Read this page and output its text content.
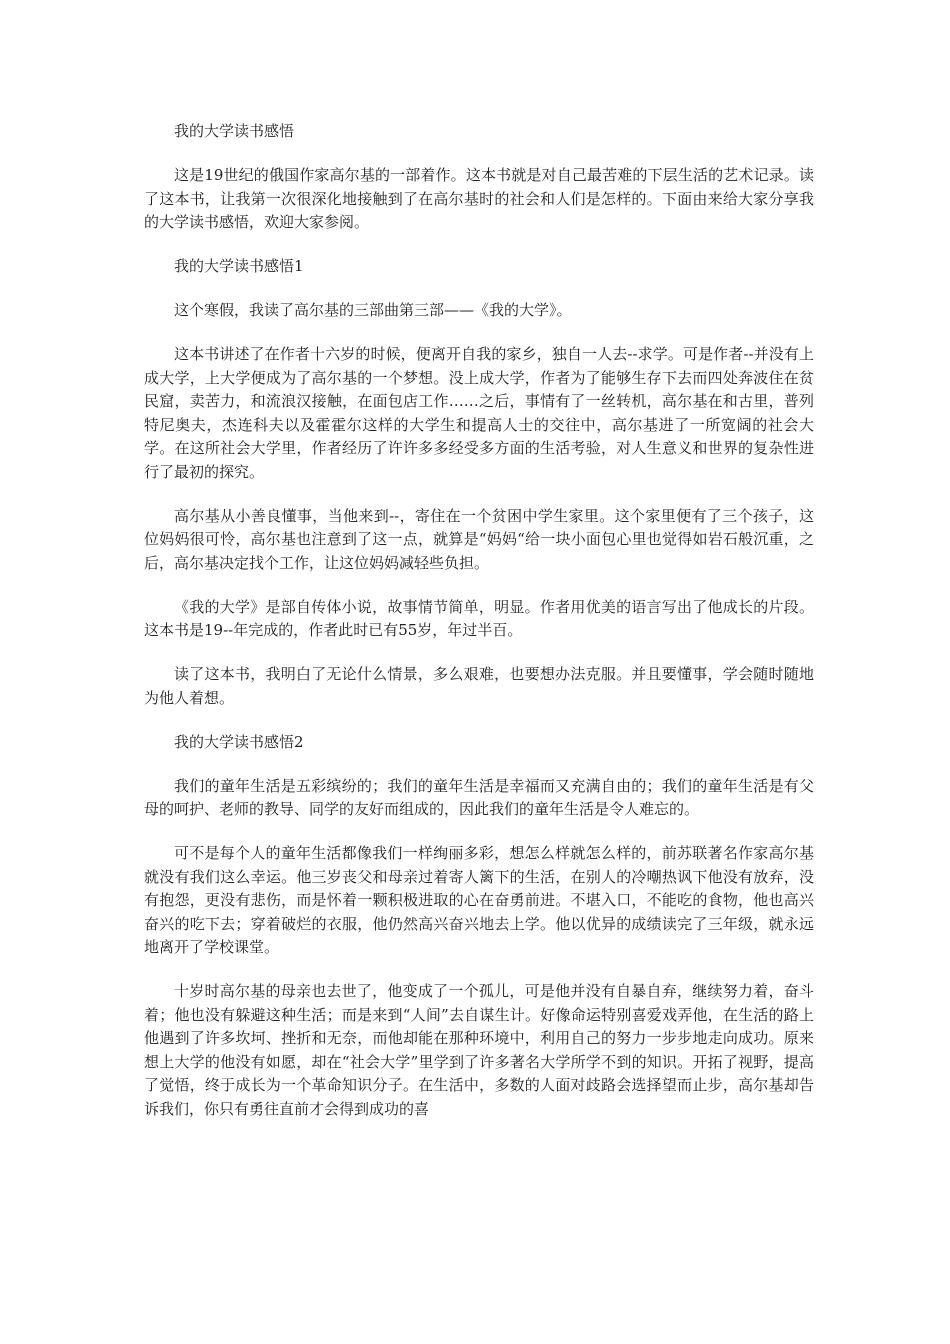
我的大学读书感悟

这是19世纪的俄国作家高尔基的一部着作。这本书就是对自己最苦难的下层生活的艺术记录。读了这本书，让我第一次很深化地接触到了在高尔基时的社会和人们是怎样的。下面由来给大家分享我的大学读书感悟，欢迎大家参阅。

我的大学读书感悟1

这个寒假，我读了高尔基的三部曲第三部——《我的大学》。

这本书讲述了在作者十六岁的时候，便离开自我的家乡，独自一人去--求学。可是作者--并没有上成大学，上大学便成为了高尔基的一个梦想。没上成大学，作者为了能够生存下去而四处奔波住在贫民窟，卖苦力，和流浪汉接触，在面包店工作……之后，事情有了一丝转机，高尔基在和古里，普列特尼奥夫，杰连科夫以及霍霍尔这样的大学生和提高人士的交往中，高尔基进了一所宽阔的社会大学。在这所社会大学里，作者经历了许许多多经受多方面的生活考验，对人生意义和世界的复杂性进行了最初的探究。

高尔基从小善良懂事，当他来到--，寄住在一个贫困中学生家里。这个家里便有了三个孩子，这位妈妈很可怜，高尔基也注意到了这一点，就算是“妈妈“给一块小面包心里也觉得如岩石般沉重，之后，高尔基决定找个工作，让这位妈妈减轻些负担。

《我的大学》是部自传体小说，故事情节简单，明显。作者用优美的语言写出了他成长的片段。这本书是19--年完成的，作者此时已有55岁，年过半百。

读了这本书，我明白了无论什么情景，多么艰难，也要想办法克服。并且要懂事，学会随时随地为他人着想。

我的大学读书感悟2

我们的童年生活是五彩缤纷的；我们的童年生活是幸福而又充满自由的；我们的童年生活是有父母的呵护、老师的教导、同学的友好而组成的，因此我们的童年生活是令人难忘的。

可不是每个人的童年生活都像我们一样绚丽多彩，想怎么样就怎么样的，前苏联著名作家高尔基就没有我们这么幸运。他三岁丧父和母亲过着寄人篱下的生活，在别人的冷嘲热讽下他没有放弃，没有抱怨，更没有悲伤，而是怀着一颗积极进取的心在奋勇前进。不堪入口，不能吃的食物，他也高兴奋兴的吃下去；穿着破烂的衣服，他仍然高兴奋兴地去上学。他以优异的成绩读完了三年级，就永远地离开了学校课堂。

十岁时高尔基的母亲也去世了，他变成了一个孤儿，可是他并没有自暴自弃，继续努力着，奋斗着；他也没有躲避这种生活；而是来到“人间”去自谋生计。好像命运特别喜爱戏弄他，在生活的路上他遇到了许多坎坷、挫折和无奈，而他却能在那种环境中，利用自己的努力一步步地走向成功。原来想上大学的他没有如愿，却在“社会大学”里学到了许多著名大学所学不到的知识。开拓了视野，提高了觉悟，终于成长为一个革命知识分子。在生活中，多数的人面对歧路会选择望而止步，高尔基却告诉我们，你只有勇往直前才会得到成功的喜
